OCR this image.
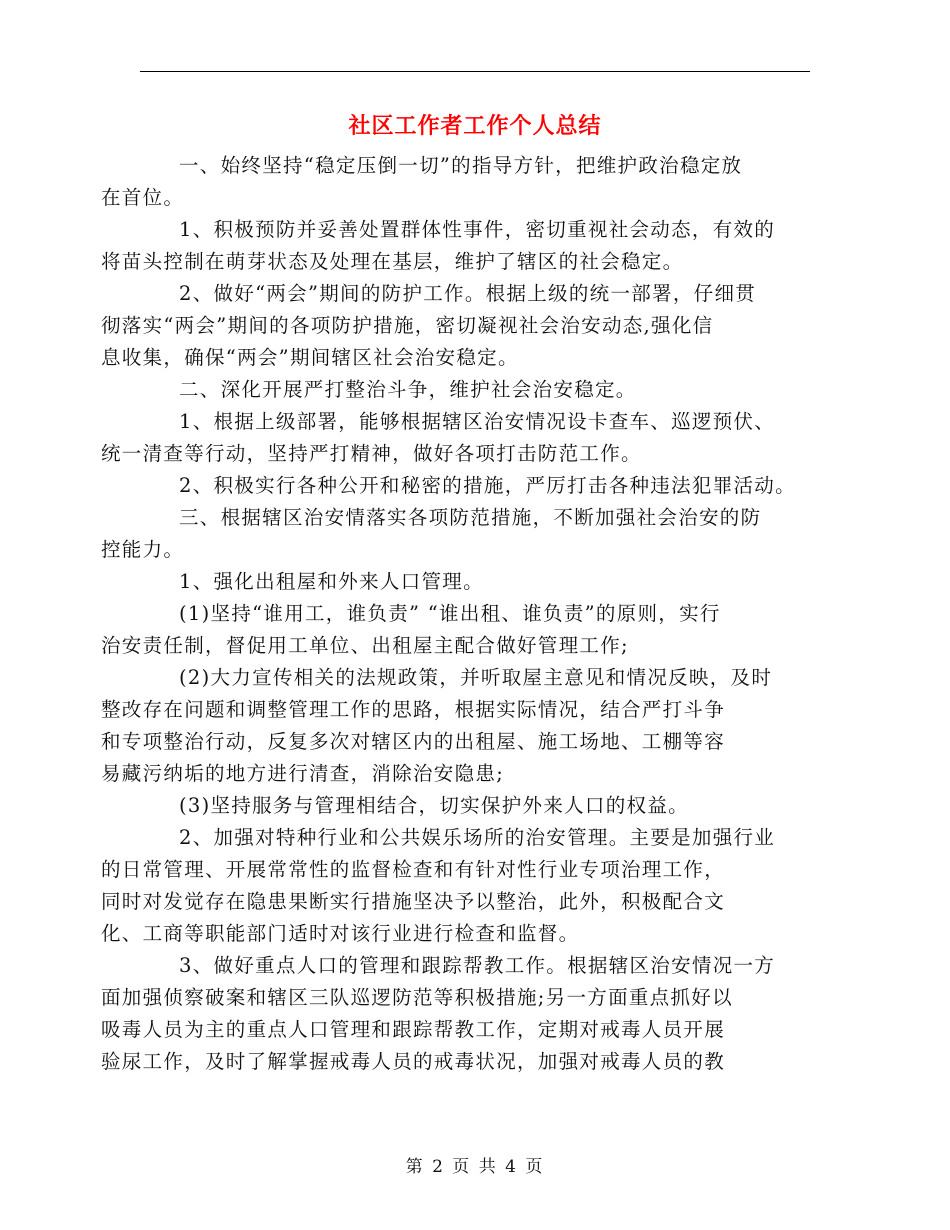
社区工作者工作个人总结
一、始终坚持“稳定压倒一切”的指导方针，把维护政治稳定放
在首位。
1、积极预防并妥善处置群体性事件，密切重视社会动态，有效的
将苗头控制在萌芽状态及处理在基层，维护了辖区的社会稳定。
2、做好“两会”期间的防护工作。根据上级的统一部署，仔细贯
彻落实“两会”期间的各项防护措施，密切凝视社会治安动态,强化信
息收集，确保“两会”期间辖区社会治安稳定。
二、深化开展严打整治斗争，维护社会治安稳定。
1、根据上级部署，能够根据辖区治安情况设卡查车、巡逻预伏、
统一清查等行动，坚持严打精神，做好各项打击防范工作。
2、积极实行各种公开和秘密的措施，严厉打击各种违法犯罪活动。
三、根据辖区治安情落实各项防范措施，不断加强社会治安的防
控能力。
1、强化出租屋和外来人口管理。
(1)坚持“谁用工，谁负责” “谁出租、谁负责”的原则，实行
治安责任制，督促用工单位、出租屋主配合做好管理工作;
(2)大力宣传相关的法规政策，并听取屋主意见和情况反映，及时
整改存在问题和调整管理工作的思路，根据实际情况，结合严打斗争
和专项整治行动，反复多次对辖区内的出租屋、施工场地、工棚等容
易藏污纳垢的地方进行清查，消除治安隐患;
(3)坚持服务与管理相结合，切实保护外来人口的权益。
2、加强对特种行业和公共娱乐场所的治安管理。主要是加强行业
的日常管理、开展常常性的监督检查和有针对性行业专项治理工作，
同时对发觉存在隐患果断实行措施坚决予以整治，此外，积极配合文
化、工商等职能部门适时对该行业进行检查和监督。
3、做好重点人口的管理和跟踪帮教工作。根据辖区治安情况一方
面加强侦察破案和辖区三队巡逻防范等积极措施;另一方面重点抓好以
吸毒人员为主的重点人口管理和跟踪帮教工作，定期对戒毒人员开展
验尿工作，及时了解掌握戒毒人员的戒毒状况，加强对戒毒人员的教
第 2 页 共 4 页
